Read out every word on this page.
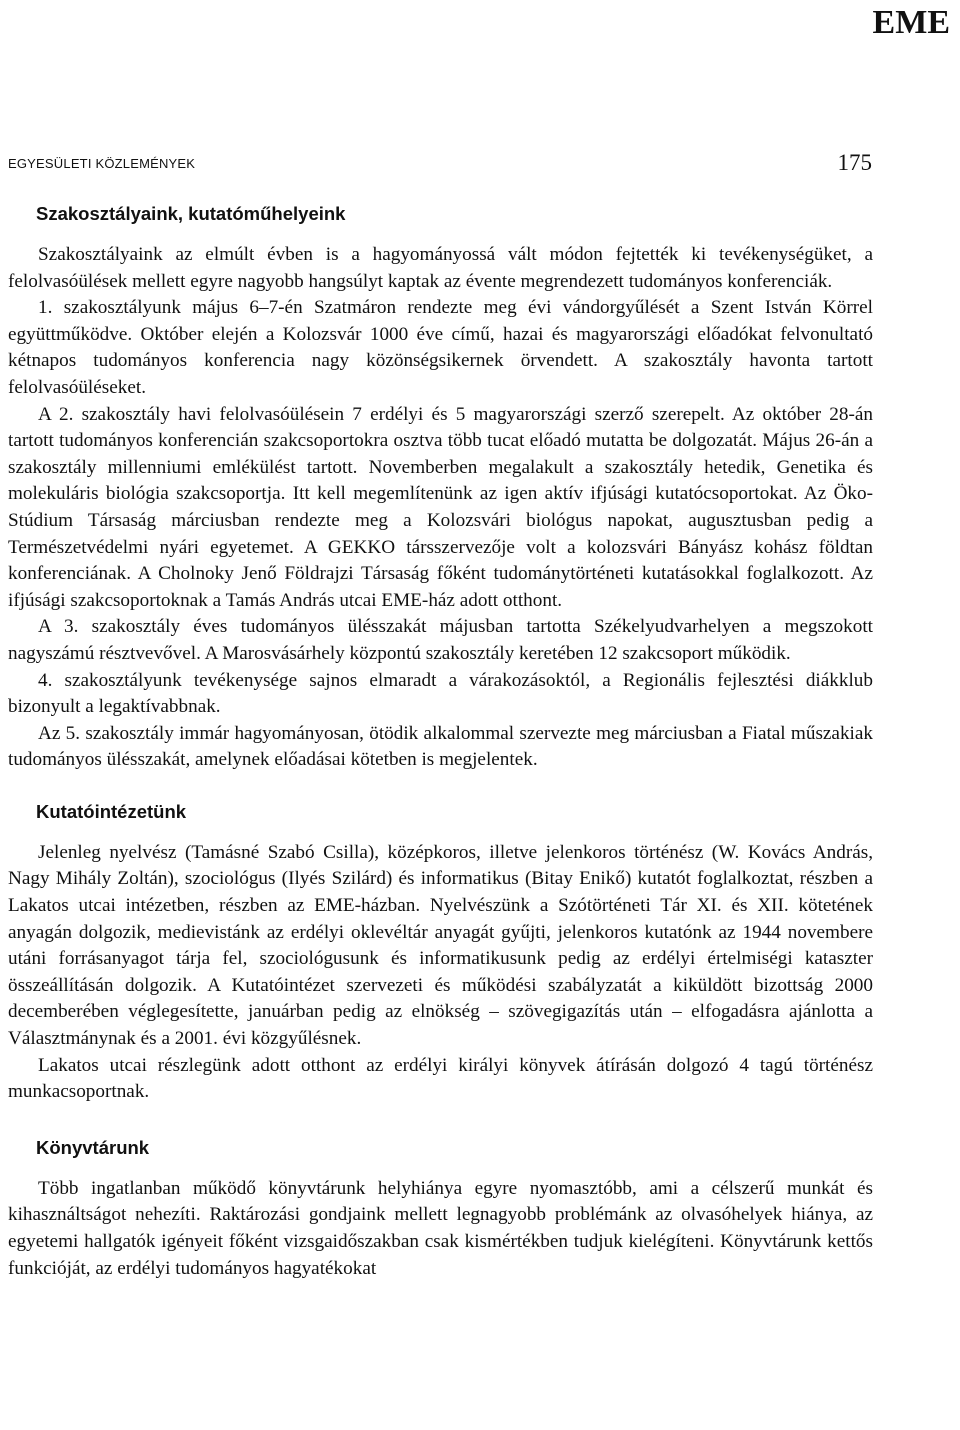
EME
EGYESÜLETI KÖZLEMÉNYEK	175
Szakosztályaink, kutatóműhelyeink

Szakosztályaink az elmúlt évben is a hagyományossá vált módon fejtették ki tevékenységüket, a felolvasóülések mellett egyre nagyobb hangsúlyt kaptak az évente megrendezett tudományos konferenciák.

1. szakosztályunk május 6–7-én Szatmáron rendezte meg évi vándorgyűlését a Szent István Körrel együttműködve. Október elején a Kolozsvár 1000 éve című, hazai és magyarországi előadókat felvonultató kétnapos tudományos konferencia nagy közönségsikernek örvendett. A szakosztály havonta tartott felolvasóüléseket.

A 2. szakosztály havi felolvasóülésein 7 erdélyi és 5 magyarországi szerző szerepelt. Az október 28-án tartott tudományos konferencián szakcsoportokra osztva több tucat előadó mutatta be dolgozatát. Május 26-án a szakosztály millenniumi emlékülést tartott. Novemberben megalakult a szakosztály hetedik, Genetika és molekuláris biológia szakcsoportja. Itt kell megemlítenünk az igen aktív ifjúsági kutatócsoportokat. Az Öko-Stúdium Társaság márciusban rendezte meg a Kolozsvári biológus napokat, augusztusban pedig a Természetvédelmi nyári egyetemet. A GEKKO társszervezője volt a kolozsvári Bányász kohász földtan konferenciának. A Cholnoky Jenő Földrajzi Társaság főként tudománytörténeti kutatásokkal foglalkozott. Az ifjúsági szakcsoportoknak a Tamás András utcai EME-ház adott otthont.

A 3. szakosztály éves tudományos ülésszakát májusban tartotta Székelyudvarhelyen a megszokott nagyszámú résztvevővel. A Marosvásárhely központú szakosztály keretében 12 szakcsoport működik.

4. szakosztályunk tevékenysége sajnos elmaradt a várakozásoktól, a Regionális fejlesztési diákklub bizonyult a legaktívabbnak.

Az 5. szakosztály immár hagyományosan, ötödik alkalommal szervezte meg márciusban a Fiatal műszakiak tudományos ülésszakát, amelynek előadásai kötetben is megjelentek.

Kutatóintézetünk

Jelenleg nyelvész (Tamásné Szabó Csilla), középkoros, illetve jelenkoros történész (W. Kovács András, Nagy Mihály Zoltán), szociológus (Ilyés Szilárd) és informatikus (Bitay Enikő) kutatót foglalkoztat, részben a Lakatos utcai intézetben, részben az EME-házban. Nyelvészünk a Szótörténeti Tár XI. és XII. kötetének anyagán dolgozik, medievistánk az erdélyi oklevéltár anyagát gyűjti, jelenkoros kutatónk az 1944 novembere utáni forrásanyagot tárja fel, szociológusunk és informatikusunk pedig az erdélyi értelmiségi kataszter összeállításán dolgozik. A Kutatóintézet szervezeti és működési szabályzatát a kiküldött bizottság 2000 decemberében véglegesítette, januárban pedig az elnökség – szövegigazítás után – elfogadásra ajánlotta a Választmánynak és a 2001. évi közgyűlésnek.

Lakatos utcai részlegünk adott otthont az erdélyi királyi könyvek átírásán dolgozó 4 tagú történész munkacsoportnak.

Könyvtárunk

Több ingatlanban működő könyvtárunk helyhiánya egyre nyomasztóbb, ami a célszerű munkát és kihasználtságot nehezíti. Raktározási gondjaink mellett legnagyobb problémánk az olvasóhelyek hiánya, az egyetemi hallgatók igényeit főként vizsgaidőszakban csak kismértékben tudjuk kielégíteni. Könyvtárunk kettős funkcióját, az erdélyi tudományos hagyatékokat
